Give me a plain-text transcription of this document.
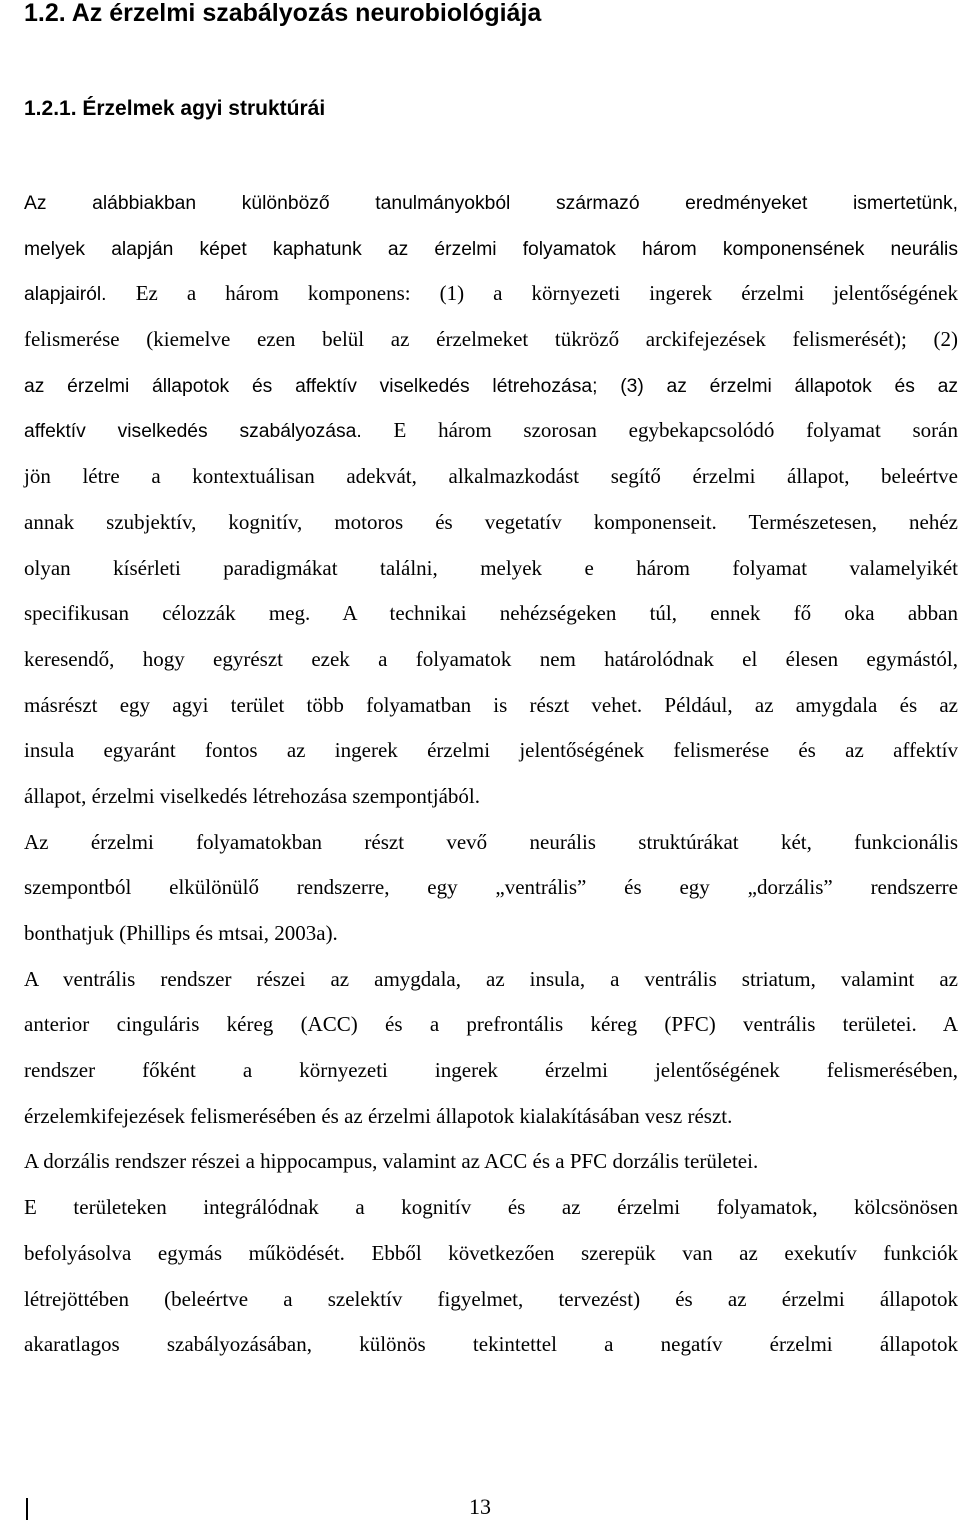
1.2. Az érzelmi szabályozás neurobiológiája
1.2.1. Érzelmek agyi struktúrái
Az alábbiakban különböző tanulmányokból származó eredményeket ismertetünk,
melyek alapján képet kaphatunk az érzelmi folyamatok három komponensének neurális
alapjairól. Ez a három komponens: (1) a környezeti ingerek érzelmi jelentőségének
felismerése (kiemelve ezen belül az érzelmeket tükröző arckifejezések felismerését); (2)
az érzelmi állapotok és affektív viselkedés létrehozása; (3) az érzelmi állapotok és az
affektív viselkedés szabályozása. E három szorosan egybekapcsolódó folyamat során
jön létre a kontextuálisan adekvát, alkalmazkodást segítő érzelmi állapot, beleértve
annak szubjektív, kognitív, motoros és vegetatív komponenseit. Természetesen, nehéz
olyan kísérleti paradigmákat találni, melyek e három folyamat valamelyikét
specifikusan célozzák meg. A technikai nehézségeken túl, ennek fő oka abban
keresendő, hogy egyrészt ezek a folyamatok nem határolódnak el élesen egymástól,
másrészt egy agyi terület több folyamatban is részt vehet. Például, az amygdala és az
insula egyaránt fontos az ingerek érzelmi jelentőségének felismerése és az affektív
állapot, érzelmi viselkedés létrehozása szempontjából.
Az érzelmi folyamatokban részt vevő neurális struktúrákat két, funkcionális
szempontból elkülönülő rendszerre, egy „ventrális” és egy „dorzális” rendszerre
bonthatjuk (Phillips és mtsai, 2003a).
A ventrális rendszer részei az amygdala, az insula, a ventrális striatum, valamint az
anterior cinguláris kéreg (ACC) és a prefrontális kéreg (PFC) ventrális területei. A
rendszer főként a környezeti ingerek érzelmi jelentőségének felismerésében,
érzelemkifejezések felismerésében és az érzelmi állapotok kialakításában vesz részt.
A dorzális rendszer részei a hippocampus, valamint az ACC és a PFC dorzális területei.
E területeken integrálódnak a kognitív és az érzelmi folyamatok, kölcsönösen
befolyásolva egymás működését. Ebből következően szerepük van az exekutív funkciók
létrejöttében (beleértve a szelektív figyelmet, tervezést) és az érzelmi állapotok
akaratlagos szabályozásában, különös tekintettel a negatív érzelmi állapotok
13
